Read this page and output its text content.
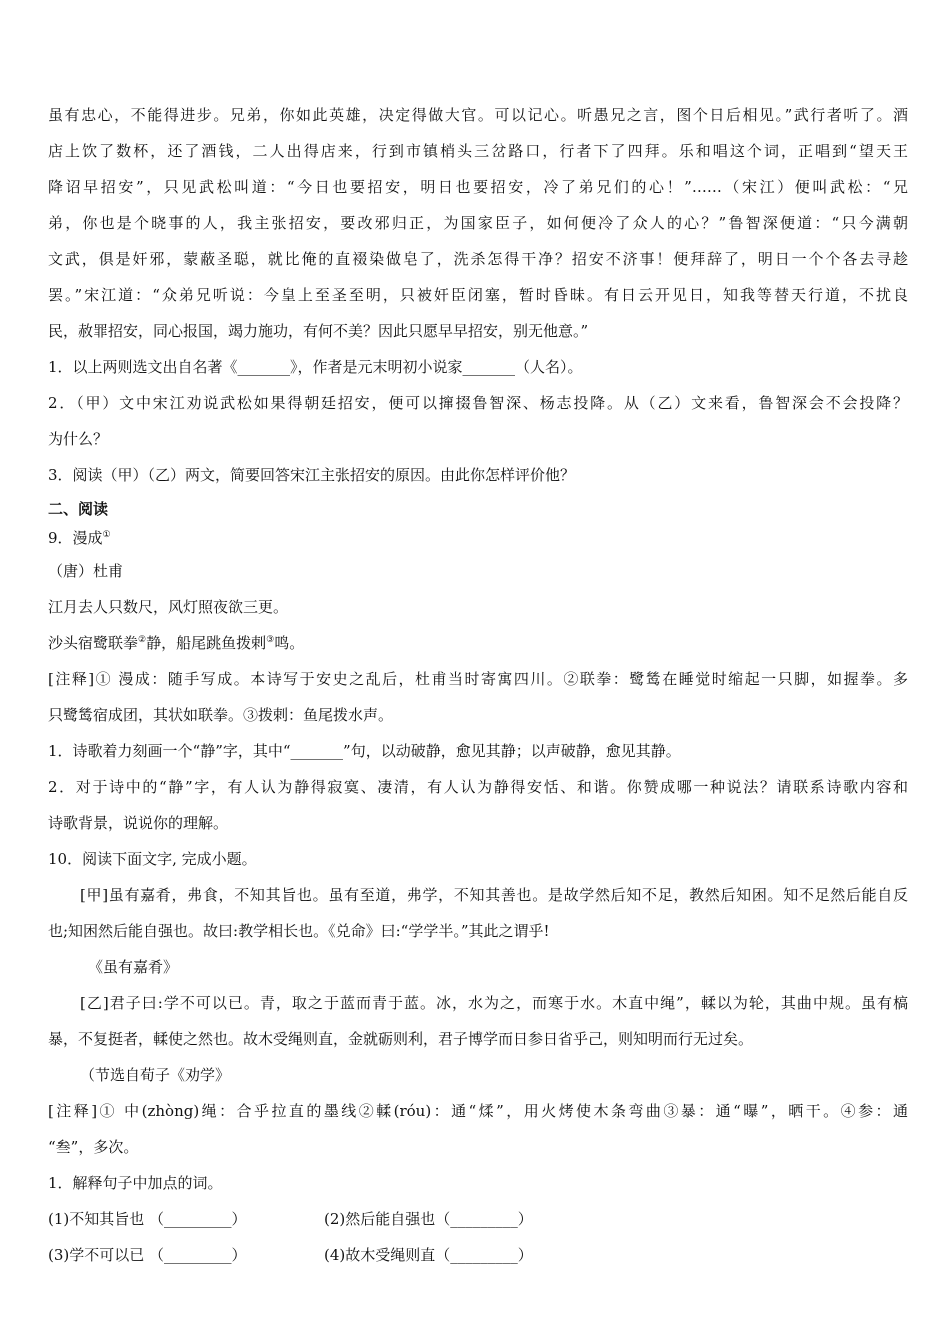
虽有忠心，不能得进步。兄弟，你如此英雄，决定得做大官。可以记心。听愚兄之言，图个日后相见。”武行者听了。酒
店上饮了数杯，还了酒钱，二人出得店来，行到市镇梢头三岔路口，行者下了四拜。乐和唱这个词，正唱到“望天王
降诏早招安”，只见武松叫道：“今日也要招安，明日也要招安，冷了弟兄们的心！”……（宋江）便叫武松：“兄
弟，你也是个晓事的人，我主张招安，要改邪归正，为国家臣子，如何便冷了众人的心？”鲁智深便道：“只今满朝
文武，俱是奸邪，蒙蔽圣聪，就比俺的直裰染做皂了，洗杀怎得干净？招安不济事！便拜辞了，明日一个个各去寻趁
罢。”宋江道：“众弟兄听说：今皇上至圣至明，只被奸臣闭塞，暂时昏昧。有日云开见日，知我等替天行道，不扰良
民，赦罪招安，同心报国，竭力施功，有何不美？因此只愿早早招安，别无他意。”
1．以上两则选文出自名著《_______》，作者是元末明初小说家_______（人名）。
2．（甲）文中宋江劝说武松如果得朝廷招安，便可以撺掇鲁智深、杨志投降。从（乙）文来看，鲁智深会不会投降？
为什么？
3．阅读（甲）（乙）两文，简要回答宋江主张招安的原因。由此你怎样评价他？
二、阅读
9．漫成①
（唐）杜甫
江月去人只数尺，风灯照夜欲三更。
沙头宿鹭联拳②静，船尾跳鱼拨剌③鸣。
[注释]① 漫成：随手写成。本诗写于安史之乱后，杜甫当时寄寓四川。②联拳：鹭鸶在睡觉时缩起一只脚，如握拳。多
只鹭鸶宿成团，其状如联拳。③拨剌：鱼尾拨水声。
1．诗歌着力刻画一个“静”字，其中“_______”句，以动破静，愈见其静；以声破静，愈见其静。
2．对于诗中的“静”字，有人认为静得寂寞、凄清，有人认为静得安恬、和谐。你赞成哪一种说法？请联系诗歌内容和
诗歌背景，说说你的理解。
10．阅读下面文字, 完成小题。
[甲]虽有嘉肴，弗食，不知其旨也。虽有至道，弗学，不知其善也。是故学然后知不足，教然后知困。知不足然后能自反
也;知困然后能自强也。故曰:教学相长也。《兑命》曰:“学学半。”其此之谓乎!
《虽有嘉肴》
[乙]君子曰:学不可以已。青，取之于蓝而青于蓝。冰，水为之，而寒于水。木直中绳”，輮以为轮，其曲中规。虽有槁
暴，不复挺者，輮使之然也。故木受绳则直，金就砺则利，君子博学而日参日省乎己，则知明而行无过矣。
（节选自荀子《劝学》
[注释]① 中(zhòng)绳：合乎拉直的墨线②輮(róu)：通“煣”，用火烤使木条弯曲③暴：通“曝”，晒干。④参：通
“叁”，多次。
1．解释句子中加点的词。
(1)不知其旨也 （_________）	(2)然后能自强也（_________）
(3)学不可以已 （_________）	(4)故木受绳则直（_________）
